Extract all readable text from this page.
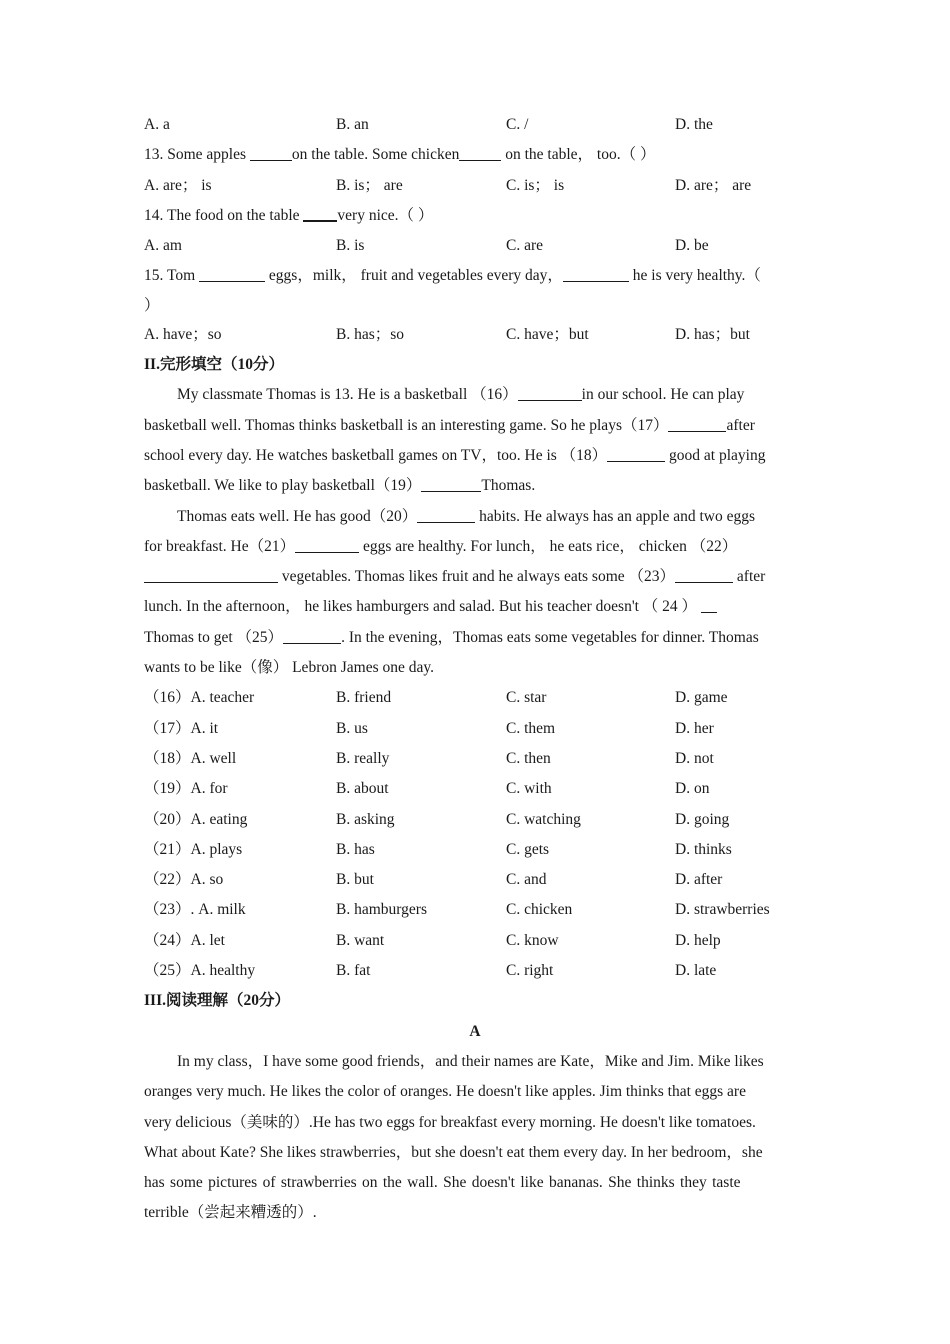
A. a	B. an	C. /	D. the
13. Some apples	on the table. Some chicken	on the table， too.（ ）
A. are； is	B. is； are	C. is； is	D. are； are
14. The food on the table very nice.（ ）
A. am	B. is	C. are	D. be
15. Tom	eggs，milk， fruit and vegetables every day，	he is very healthy.（
）
A. have；so	B. has；so	C. have；but	D. has；but
II.完形填空（10分）
My classmate Thomas is 13. He is a basketball （16）	in our school. He can play
basketball well. Thomas thinks basketball is an interesting game. So he plays（17）	after
school every day. He watches basketball games on TV，too. He is （18）	good at playing
basketball. We like to play basketball（19）	Thomas.
Thomas eats well. He has good（20）	habits. He always has an apple and two eggs
for breakfast. He（21）	eggs are healthy. For lunch， he eats rice， chicken （22）
vegetables. Thomas likes fruit and he always eats some （23）	after
lunch. In the afternoon， he likes hamburgers and salad. But his teacher doesn't （ 24 ）
Thomas to get （25）	. In the evening，Thomas eats some vegetables for dinner. Thomas
wants to be like（像） Lebron James one day.
（16）A. teacher	B. friend	C. star	D. game
（17）A. it	B. us	C. them	D. her
（18）A. well	B. really	C. then	D. not
（19）A. for	B. about	C. with	D. on
（20）A. eating	B. asking	C. watching	D. going
（21）A. plays	B. has	C. gets	D. thinks
（22）A. so	B. but	C. and	D. after
（23）. A. milk	B. hamburgers	C. chicken	D. strawberries
（24）A. let	B. want	C. know	D. help
（25）A. healthy	B. fat	C. right	D. late
III.阅读理解（20分）
A
In my class，I have some good friends，and their names are Kate，Mike and Jim. Mike likes
oranges very much. He likes the color of oranges. He doesn't like apples. Jim thinks that eggs are
very delicious（美味的）.He has two eggs for breakfast every morning. He doesn't like tomatoes.
What about Kate? She likes strawberries，but she doesn't eat them every day. In her bedroom，she
has some pictures of strawberries on the wall. She doesn't like bananas. She thinks they taste
terrible（尝起来糟透的）.
